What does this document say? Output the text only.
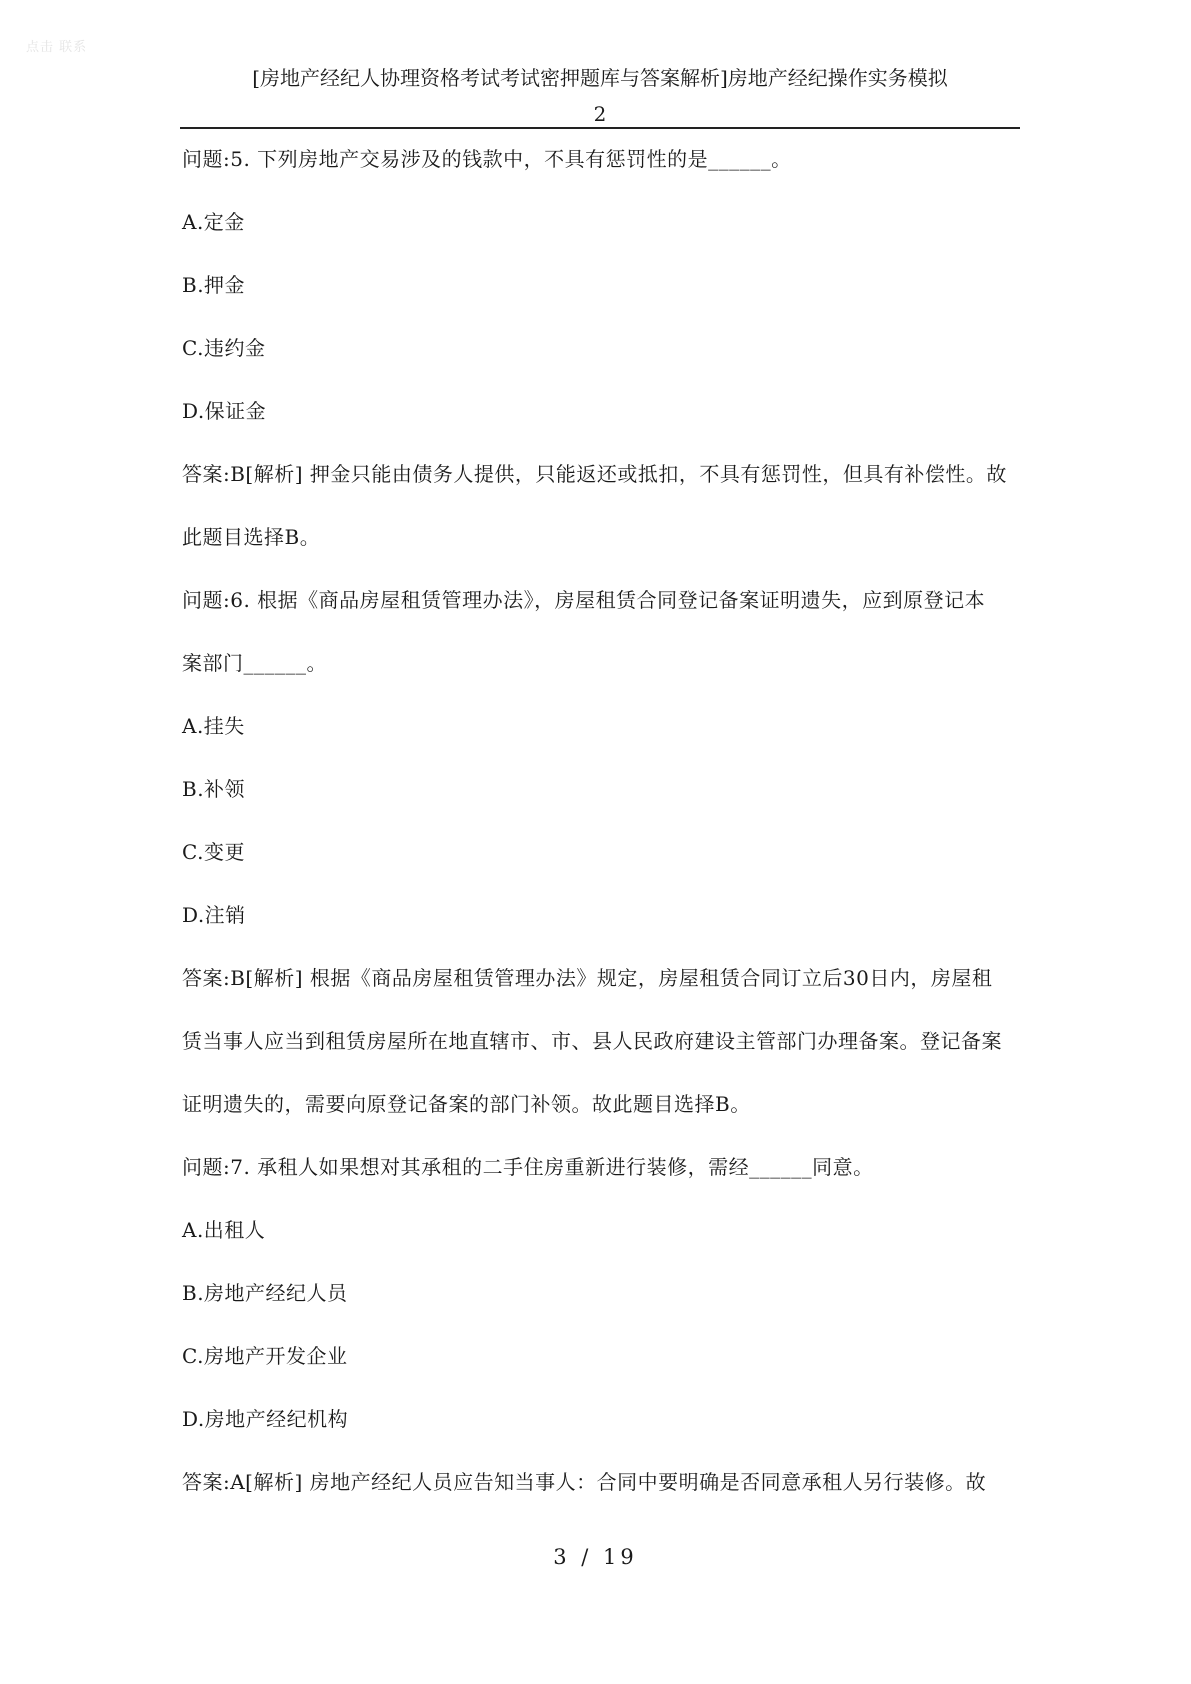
点击 联系
[房地产经纪人协理资格考试考试密押题库与答案解析]房地产经纪操作实务模拟
2
问题:5. 下列房地产交易涉及的钱款中，不具有惩罚性的是______。
A.定金
B.押金
C.违约金
D.保证金
答案:B[解析] 押金只能由债务人提供，只能返还或抵扣，不具有惩罚性，但具有补偿性。故
此题目选择B。
问题:6. 根据《商品房屋租赁管理办法》，房屋租赁合同登记备案证明遗失，应到原登记本
案部门______。
A.挂失
B.补领
C.变更
D.注销
答案:B[解析] 根据《商品房屋租赁管理办法》规定，房屋租赁合同订立后30日内，房屋租
赁当事人应当到租赁房屋所在地直辖市、市、县人民政府建设主管部门办理备案。登记备案
证明遗失的，需要向原登记备案的部门补领。故此题目选择B。
问题:7. 承租人如果想对其承租的二手住房重新进行装修，需经______同意。
A.出租人
B.房地产经纪人员
C.房地产开发企业
D.房地产经纪机构
答案:A[解析] 房地产经纪人员应告知当事人：合同中要明确是否同意承租人另行装修。故
3 / 19
